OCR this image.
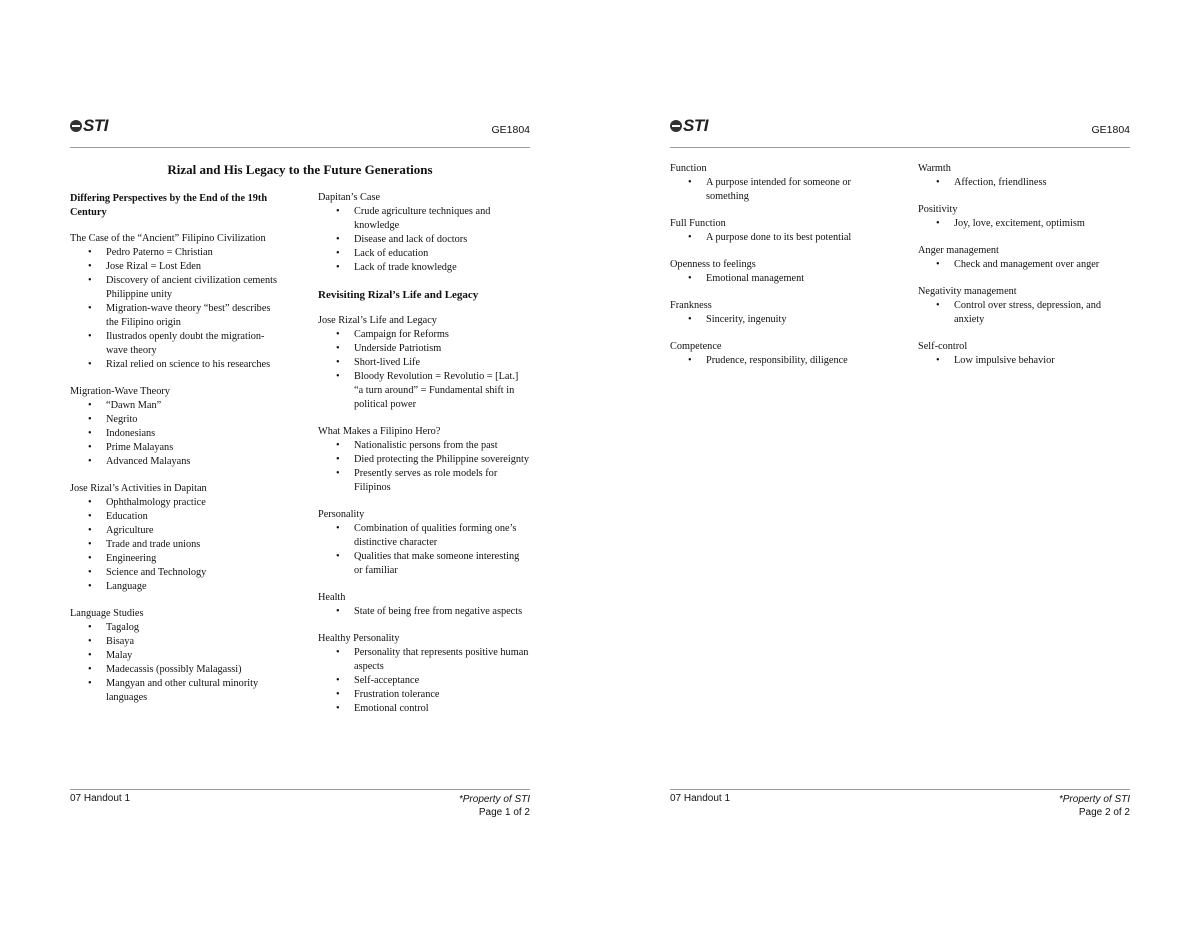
STI	GE1804
Rizal and His Legacy to the Future Generations
Differing Perspectives by the End of the 19th Century
The Case of the “Ancient” Filipino Civilization
• Pedro Paterno = Christian
• Jose Rizal = Lost Eden
• Discovery of ancient civilization cements Philippine unity
• Migration-wave theory “best” describes the Filipino origin
• Ilustrados openly doubt the migration-wave theory
• Rizal relied on science to his researches
Migration-Wave Theory
• “Dawn Man”
• Negrito
• Indonesians
• Prime Malayans
• Advanced Malayans
Jose Rizal’s Activities in Dapitan
• Ophthalmology practice
• Education
• Agriculture
• Trade and trade unions
• Engineering
• Science and Technology
• Language
Language Studies
• Tagalog
• Bisaya
• Malay
• Madecassis (possibly Malagassi)
• Mangyan and other cultural minority languages
Dapitan’s Case
• Crude agriculture techniques and knowledge
• Disease and lack of doctors
• Lack of education
• Lack of trade knowledge
Revisiting Rizal’s Life and Legacy
Jose Rizal’s Life and Legacy
• Campaign for Reforms
• Underside Patriotism
• Short-lived Life
• Bloody Revolution = Revolutio = [Lat.] “a turn around” = Fundamental shift in political power
What Makes a Filipino Hero?
• Nationalistic persons from the past
• Died protecting the Philippine sovereignty
• Presently serves as role models for Filipinos
Personality
• Combination of qualities forming one’s distinctive character
• Qualities that make someone interesting or familiar
Health
• State of being free from negative aspects
Healthy Personality
• Personality that represents positive human aspects
• Self-acceptance
• Frustration tolerance
• Emotional control
07 Handout 1	*Property of STI
Page 1 of 2
STI	GE1804
Function
• A purpose intended for someone or something
Full Function
• A purpose done to its best potential
Openness to feelings
• Emotional management
Frankness
• Sincerity, ingenuity
Competence
• Prudence, responsibility, diligence
Warmth
• Affection, friendliness
Positivity
• Joy, love, excitement, optimism
Anger management
• Check and management over anger
Negativity management
• Control over stress, depression, and anxiety
Self-control
• Low impulsive behavior
07 Handout 1	*Property of STI
Page 2 of 2
